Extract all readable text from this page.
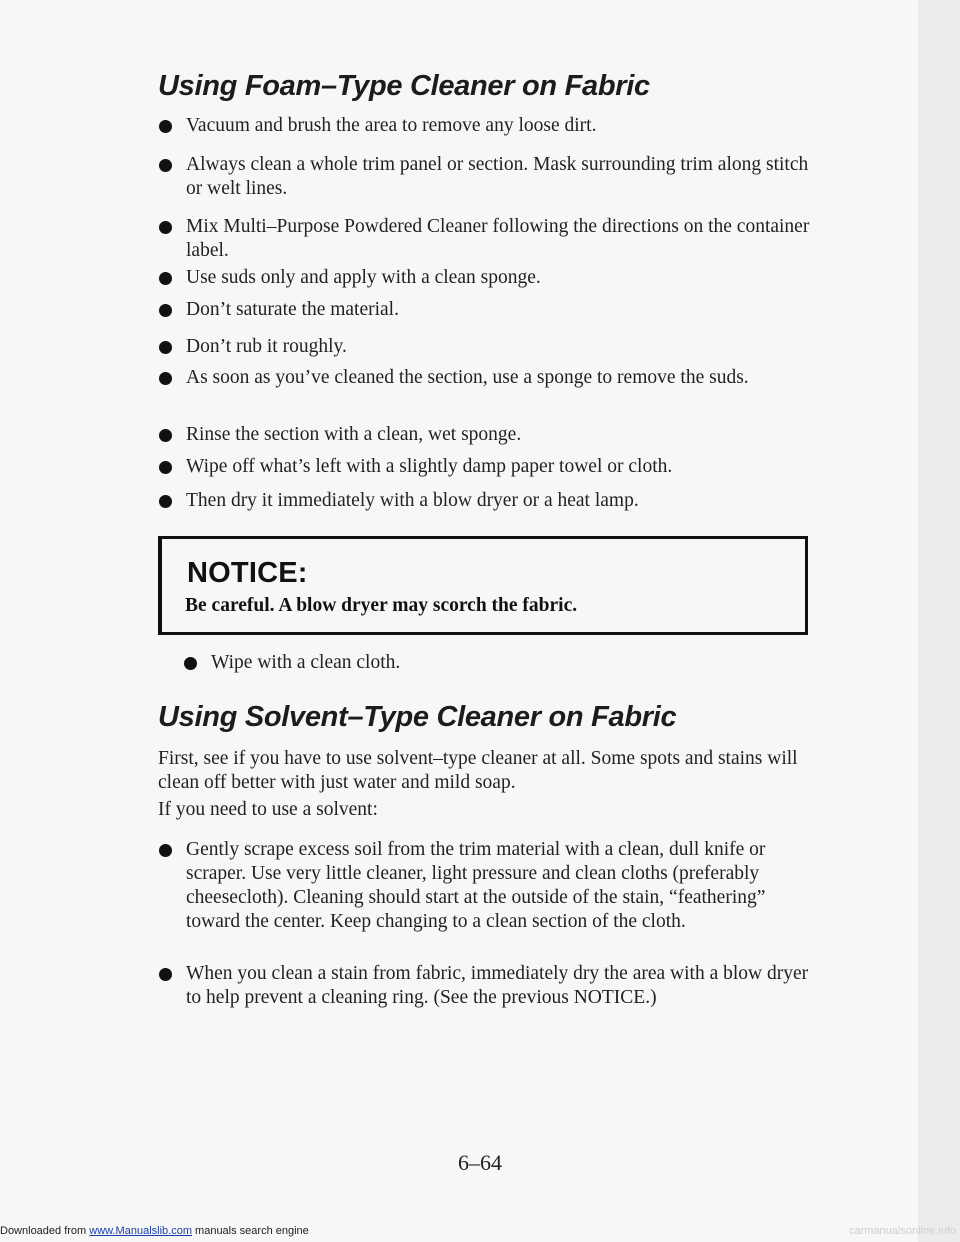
Using Foam–Type Cleaner on Fabric
Vacuum and brush the area to remove any loose dirt.
Always clean a whole trim panel or section. Mask surrounding trim along stitch or welt lines.
Mix Multi–Purpose Powdered Cleaner following the directions on the container label.
Use suds only and apply with a clean sponge.
Don’t saturate the material.
Don’t rub it roughly.
As soon as you’ve cleaned the section, use a sponge to remove the suds.
Rinse the section with a clean, wet sponge.
Wipe off what’s left with a slightly damp paper towel or cloth.
Then dry it immediately with a blow dryer or a heat lamp.
NOTICE:
Be careful. A blow dryer may scorch the fabric.
Wipe with a clean cloth.
Using Solvent–Type Cleaner on Fabric

First, see if you have to use solvent–type cleaner at all. Some spots and stains will clean off better with just water and mild soap.

If you need to use a solvent:

Gently scrape excess soil from the trim material with a clean, dull knife or scraper. Use very little cleaner, light pressure and clean cloths (preferably cheesecloth). Cleaning should start at the outside of the stain, “feathering” toward the center. Keep changing to a clean section of the cloth.
When you clean a stain from fabric, immediately dry the area with a blow dryer to help prevent a cleaning ring. (See the previous NOTICE.)
6–64
Downloaded from www.Manualslib.com manuals search engine	carmanualsonline.info
